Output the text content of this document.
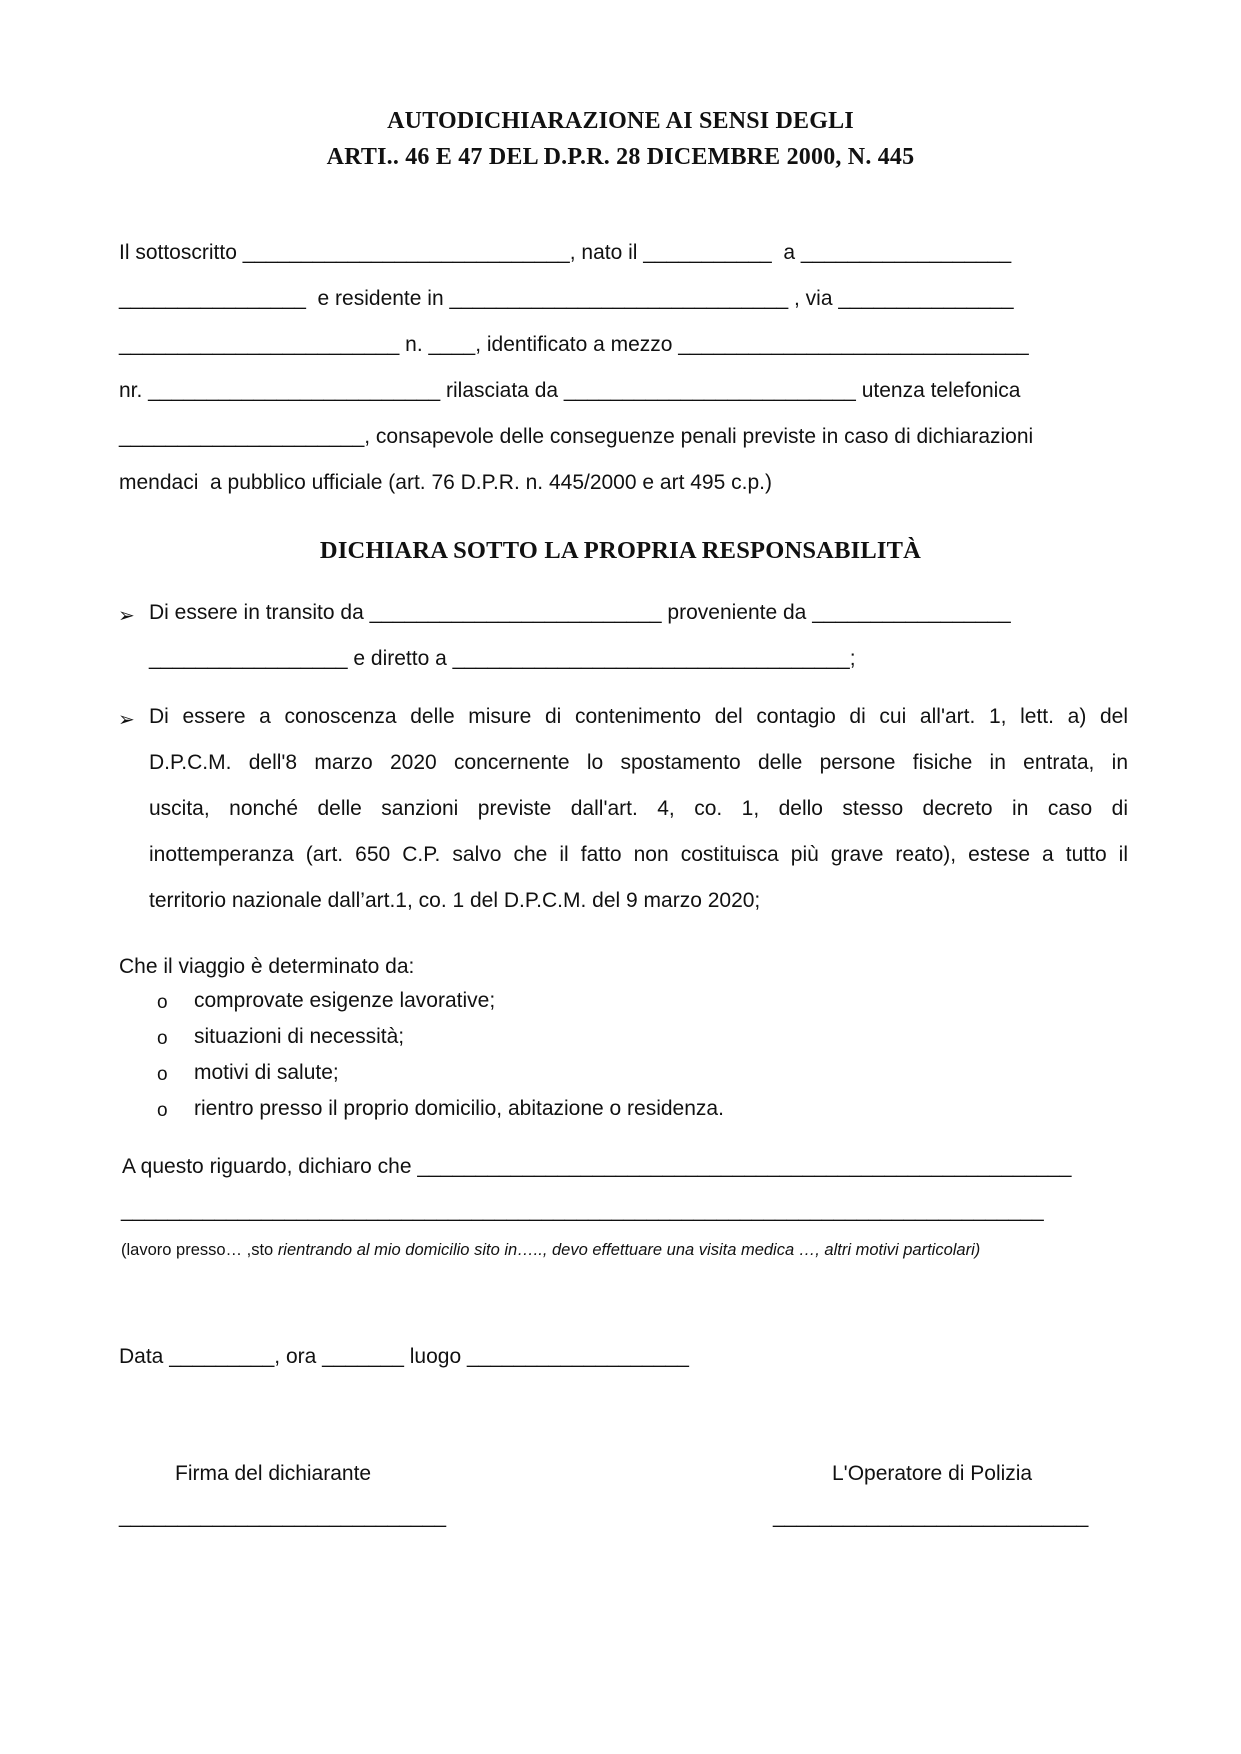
AUTODICHIARAZIONE AI SENSI DEGLI
ARTI.. 46 E 47 DEL D.P.R. 28 DICEMBRE 2000, N. 445
Il sottoscritto ____________________________, nato il ___________  a __________________
________________  e residente in _____________________________ , via _______________
________________________ n. ____, identificato a mezzo ______________________________
nr. _________________________ rilasciata da _________________________ utenza telefonica
_____________________, consapevole delle conseguenze penali previste in caso di dichiarazioni
mendaci  a pubblico ufficiale (art. 76 D.P.R. n. 445/2000 e art 495 c.p.)
DICHIARA SOTTO LA PROPRIA RESPONSABILITÀ
➢ Di essere in transito da _________________________ proveniente da _________________
_________________ e diretto a __________________________________;
➢ Di essere a conoscenza delle misure di contenimento del contagio di cui all'art. 1, lett. a) del
D.P.C.M. dell'8 marzo 2020 concernente lo spostamento delle persone fisiche in entrata, in
uscita, nonché delle sanzioni previste dall'art. 4, co. 1, dello stesso decreto in caso di
inottemperanza (art. 650 C.P. salvo che il fatto non costituisca più grave reato), estese a tutto il
territorio nazionale dall’art.1, co. 1 del D.P.C.M. del 9 marzo 2020;
Che il viaggio è determinato da:
o comprovate esigenze lavorative;
o situazioni di necessità;
o motivi di salute;
o rientro presso il proprio domicilio, abitazione o residenza.
A questo riguardo, dichiaro che ________________________________________________________
_______________________________________________________________________________
(lavoro presso… ,sto rientrando al mio domicilio sito in….., devo effettuare una visita medica …, altri motivi particolari)
Data _________, ora _______ luogo ___________________
Firma del dichiarante
____________________________
L'Operatore di Polizia
___________________________
